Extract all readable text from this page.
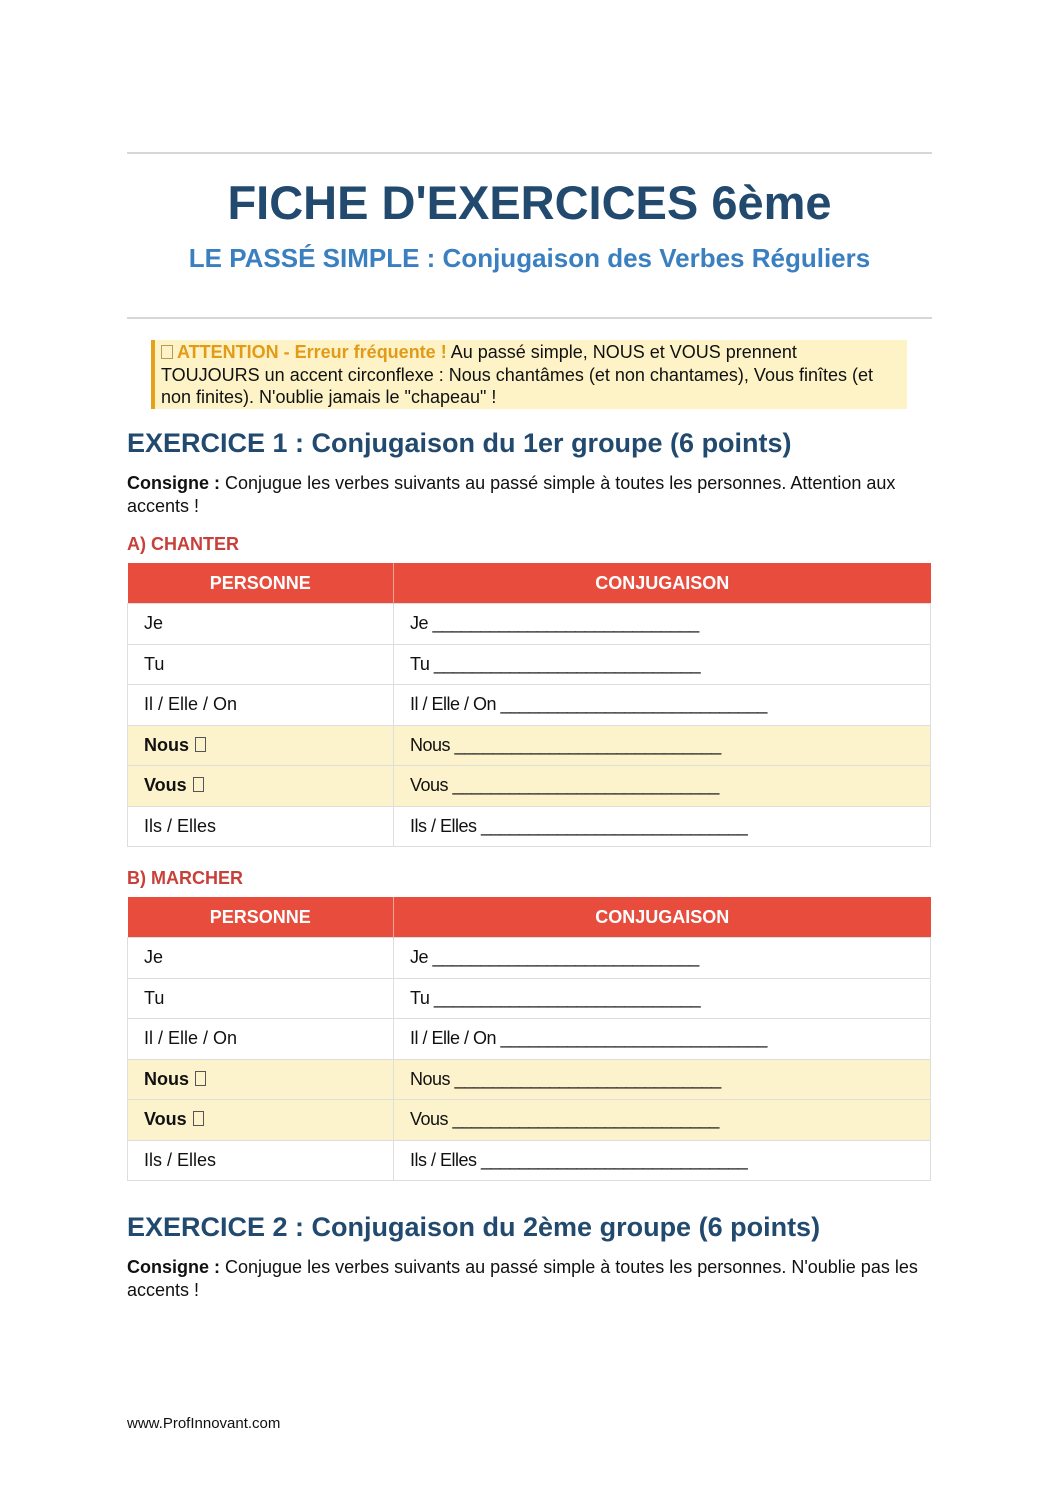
FICHE D'EXERCICES 6ème
LE PASSÉ SIMPLE : Conjugaison des Verbes Réguliers
ATTENTION - Erreur fréquente ! Au passé simple, NOUS et VOUS prennent TOUJOURS un accent circonflexe : Nous chantâmes (et non chantames), Vous finîtes (et non finites). N'oublie jamais le "chapeau" !
EXERCICE 1 : Conjugaison du 1er groupe (6 points)
Consigne : Conjugue les verbes suivants au passé simple à toutes les personnes. Attention aux accents !
A) CHANTER
PERSONNE	CONJUGAISON
Je	Je ____________________________
Tu	Tu ____________________________
Il / Elle / On	Il / Elle / On ____________________________
Nous	Nous ____________________________
Vous	Vous ____________________________
Ils / Elles	Ils / Elles ____________________________
B) MARCHER
PERSONNE	CONJUGAISON
Je	Je ____________________________
Tu	Tu ____________________________
Il / Elle / On	Il / Elle / On ____________________________
Nous	Nous ____________________________
Vous	Vous ____________________________
Ils / Elles	Ils / Elles ____________________________
EXERCICE 2 : Conjugaison du 2ème groupe (6 points)
Consigne : Conjugue les verbes suivants au passé simple à toutes les personnes. N'oublie pas les accents !
www.ProfInnovant.com
